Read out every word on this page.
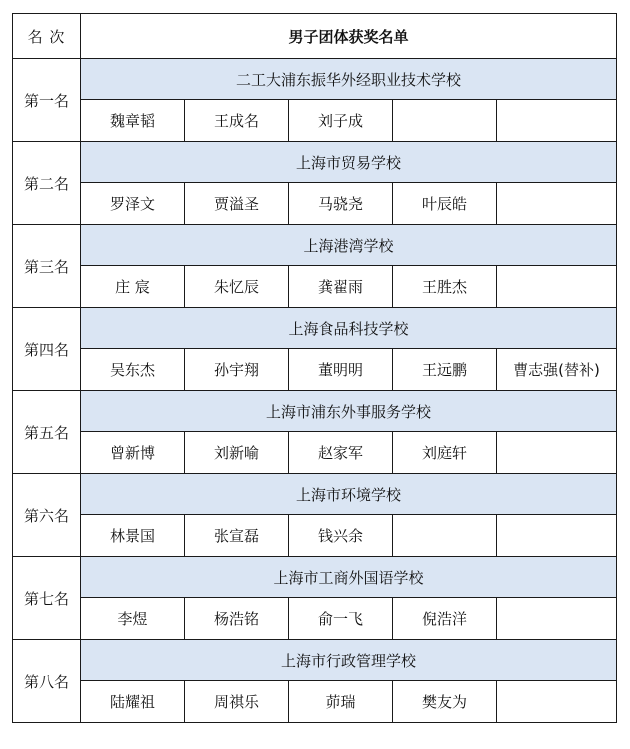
名 次	男子团体获奖名单				
第一名	二工大浦东振华外经职业技术学校				
	魏章韬	王成名	刘子成		
第二名	上海市贸易学校				
	罗泽文	贾溢圣	马骁尧	叶辰皓	
第三名	上海港湾学校				
	庄 宸	朱忆辰	龚翟雨	王胜杰	
第四名	上海食品科技学校				
	吴东杰	孙宇翔	董明明	王远鹏	曹志强(替补)
第五名	上海市浦东外事服务学校				
	曾新博	刘新喻	赵家军	刘庭轩	
第六名	上海市环境学校				
	林景国	张宣磊	钱兴余		
第七名	上海市工商外国语学校				
	李煜	杨浩铭	俞一飞	倪浩洋	
第八名	上海市行政管理学校				
	陆耀祖	周祺乐	茆瑞	樊友为	
